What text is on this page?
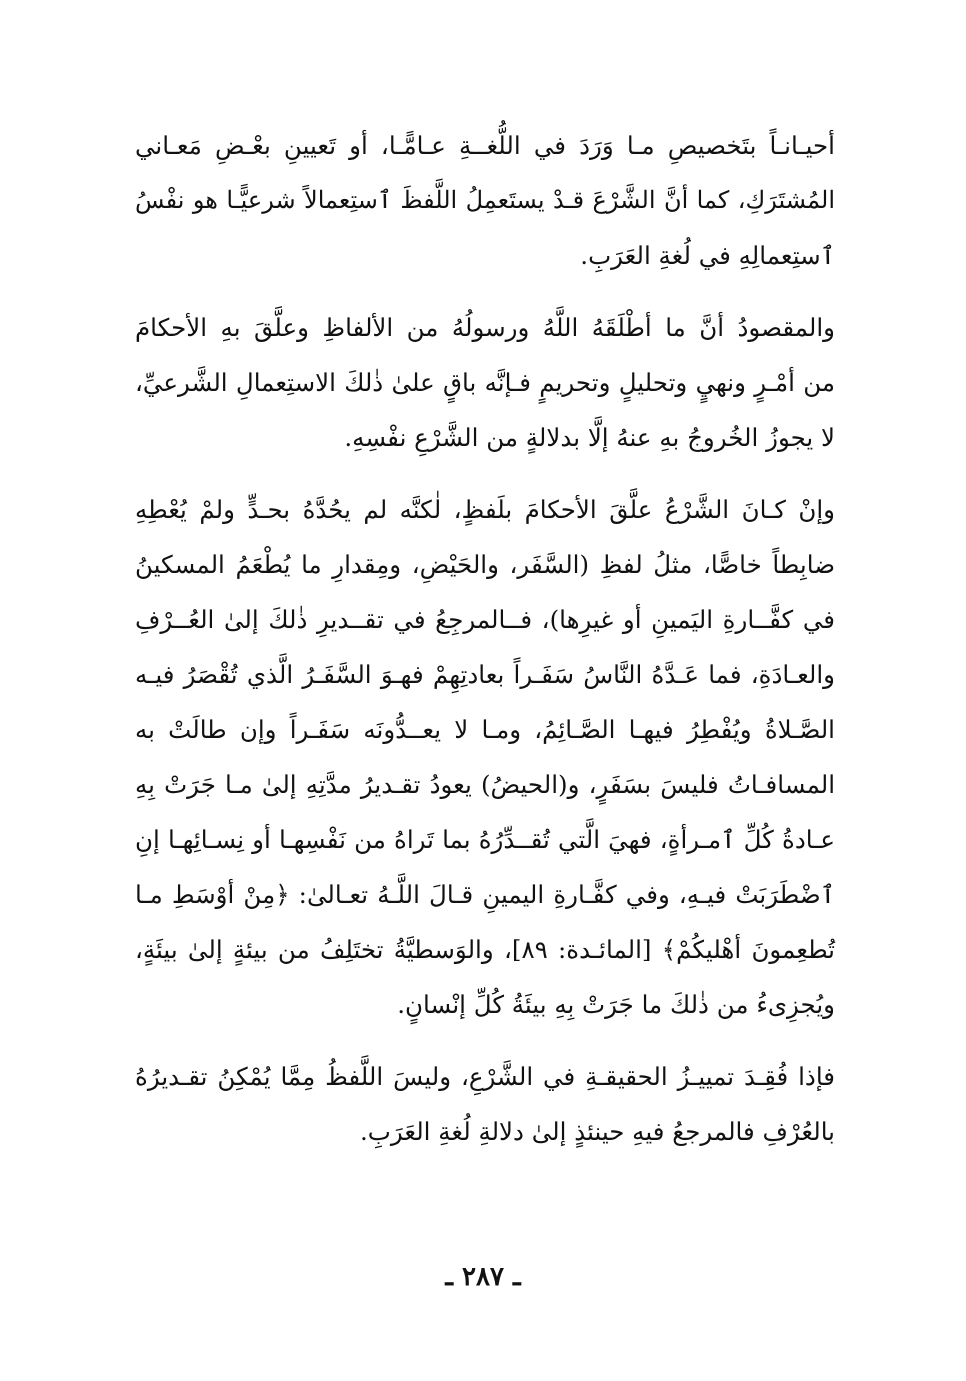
أحيـانـاً بتَخصيصِ مـا وَرَدَ في اللُّغــةِ عـامًّـا، أو تَعيينِ بعْـضِ مَعـاني
المُشتَرَكِ، كما أنَّ الشَّرْعَ قـدْ يستَعمِلُ اللَّفظَ ٱستِعمالاً شرعيًّـا هو نفْسُ
ٱستِعمالِهِ في لُغةِ العَرَبِ.

والمقصودُ أنَّ ما أطْلَقَهُ اللَّهُ ورسولُهُ من الألفاظِ وعلَّقَ بهِ الأحكامَ
من أمْـرٍ ونهيٍ وتحليلٍ وتحريمٍ فـإنَّه باقٍ علىٰ ذٰلكَ الاستِعمالِ الشَّرعيِّ،
لا يجوزُ الخُروجُ بهِ عنهُ إلَّا بدلالةٍ من الشَّرْعِ نفْسِهِ.

وإنْ كـانَ الشَّرْعُ علَّقَ الأحكامَ بلَفظٍ، لٰكنَّه لم يحُدَّهُ بحـدٍّ ولمْ يُعْطِهِ
ضابِطاً خاصًّا، مثلُ لفظِ (السَّفَر، والحَيْضِ، ومِقدارِ ما يُطْعَمُ المسكينُ
في كفَّــارةِ اليَمينِ أو غيرِها)، فــالمرجِعُ في تقــديرِ ذٰلكَ إلىٰ العُــرْفِ
والعـادَةِ، فما عَـدَّهُ النَّاسُ سَفَـراً بعادتِهِمْ فهـوَ السَّفَـرُ الَّذي تُقْصَرُ فيـه
الصَّـلاةُ ويُفْطِرُ فيهـا الصَّـائِمُ، ومـا لا يعــدُّونَه سَفَـراً وإن طالَتْ به
المسافـاتُ فليسَ بسَفَرٍ، و(الحيضُ) يعودُ تقـديرُ مدَّتِهِ إلىٰ مـا جَرَتْ بِهِ
عـادةُ كُلِّ ٱمـرأةٍ، فهيَ الَّتي تُقــدِّرُهُ بما تَراهُ من نَفْسِهـا أو نِسـائِهـا إنِ
ٱضْطَرَبَتْ فيـهِ، وفي كفَّـارةِ اليمينِ قـالَ اللَّـهُ تعـالىٰ: ﴿مِنْ أوْسَطِ مـا
تُطعِمونَ أهْليكُمْ﴾ [المائـدة: ٨٩]، والوَسطيَّةُ تختَلِفُ من بيئةٍ إلىٰ بيئَةٍ،
ويُجزِىءُ من ذٰلكَ ما جَرَتْ بِهِ بيئَةُ كُلِّ إنْسانٍ.

فإذا فُقِـدَ تمييـزُ الحقيقـةِ في الشَّرْعِ، وليسَ اللَّفظُ مِمَّا يُمْكِنُ تقـديرُهُ
بالعُرْفِ فالمرجعُ فيهِ حينئذٍ إلىٰ دلالةِ لُغةِ العَرَبِ.

ـ ٢٨٧ ـ
